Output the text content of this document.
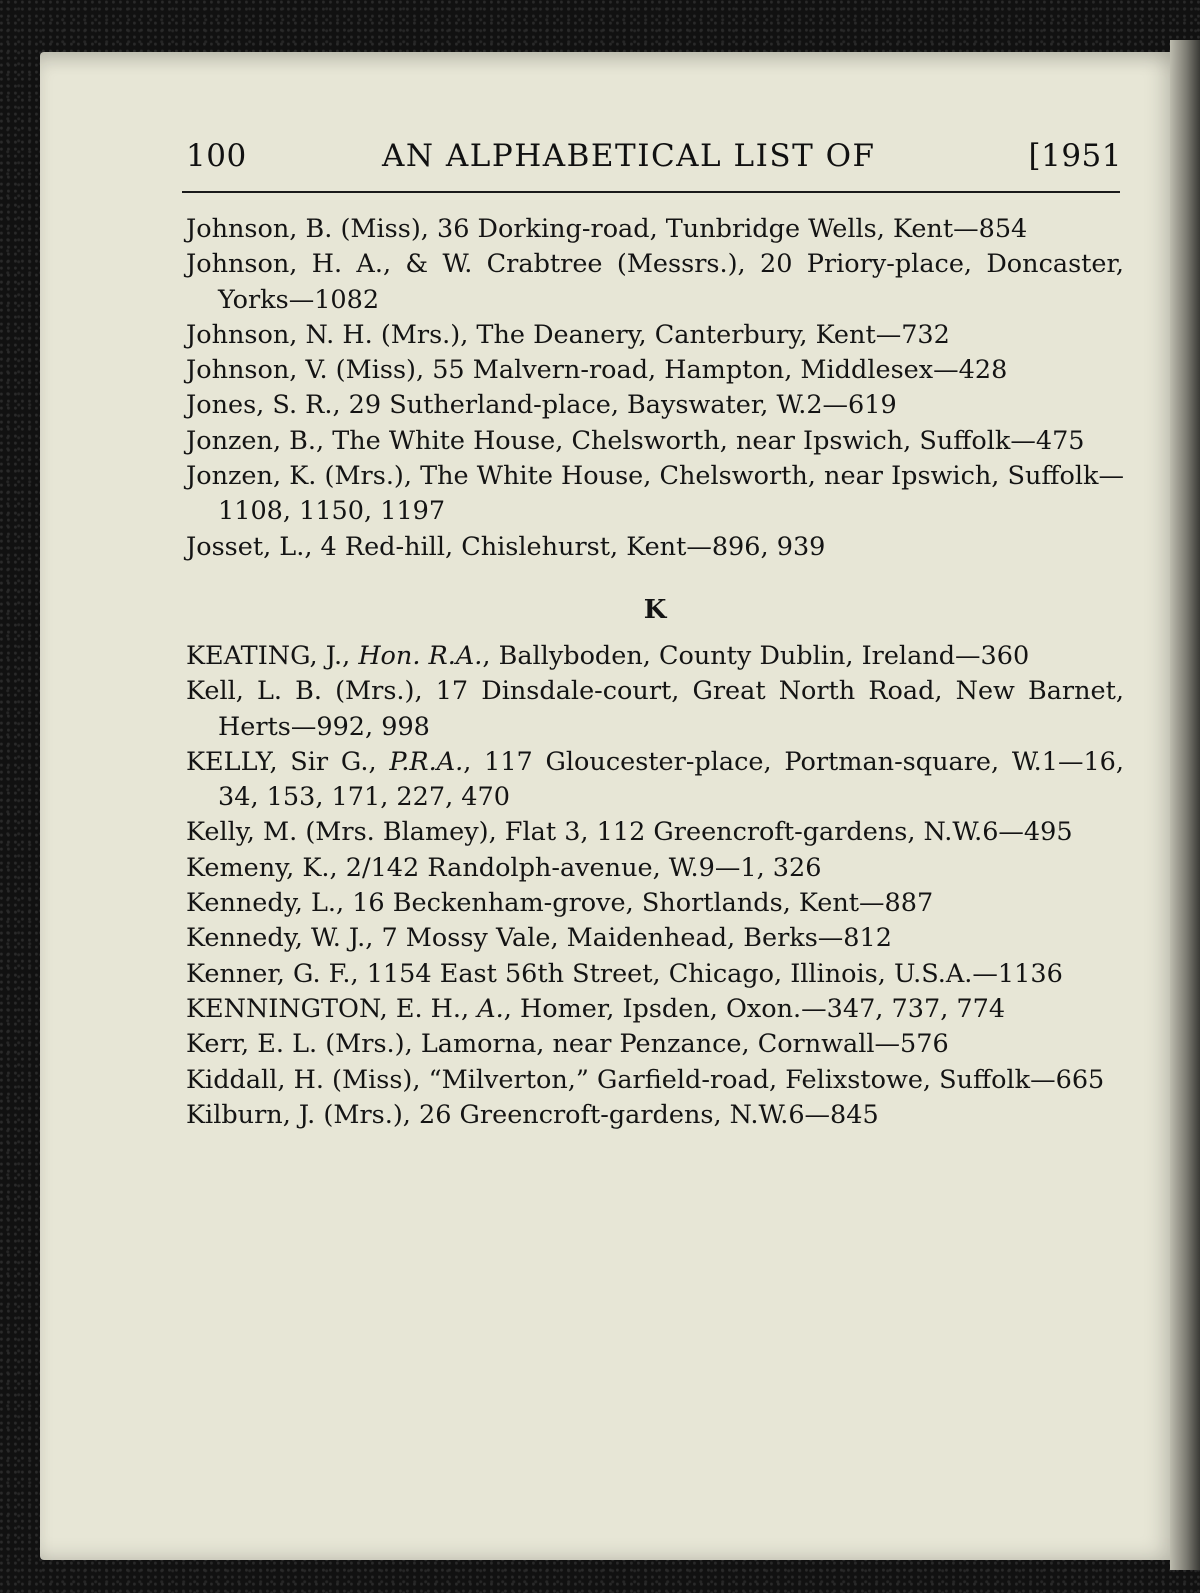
100	AN ALPHABETICAL LIST OF	[1951

Johnson, B. (Miss), 36 Dorking-road, Tunbridge Wells, Kent—854

Johnson, H. A., & W. Crabtree (Messrs.), 20 Priory-place, Doncaster, Yorks—1082

Johnson, N. H. (Mrs.), The Deanery, Canterbury, Kent—732

Johnson, V. (Miss), 55 Malvern-road, Hampton, Middlesex—428

Jones, S. R., 29 Sutherland-place, Bayswater, W.2—619

Jonzen, B., The White House, Chelsworth, near Ipswich, Suffolk—475

Jonzen, K. (Mrs.), The White House, Chelsworth, near Ipswich, Suffolk—1108, 1150, 1197

Josset, L., 4 Red-hill, Chislehurst, Kent—896, 939

K

KEATING, J., Hon. R.A., Ballyboden, County Dublin, Ireland—360

Kell, L. B. (Mrs.), 17 Dinsdale-court, Great North Road, New Barnet, Herts—992, 998

KELLY, Sir G., P.R.A., 117 Gloucester-place, Portman-square, W.1—16, 34, 153, 171, 227, 470

Kelly, M. (Mrs. Blamey), Flat 3, 112 Greencroft-gardens, N.W.6—495

Kemeny, K., 2/142 Randolph-avenue, W.9—1, 326

Kennedy, L., 16 Beckenham-grove, Shortlands, Kent—887

Kennedy, W. J., 7 Mossy Vale, Maidenhead, Berks—812

Kenner, G. F., 1154 East 56th Street, Chicago, Illinois, U.S.A.—1136

KENNINGTON, E. H., A., Homer, Ipsden, Oxon.—347, 737, 774

Kerr, E. L. (Mrs.), Lamorna, near Penzance, Cornwall—576

Kiddall, H. (Miss), “Milverton,” Garfield-road, Felixstowe, Suffolk—665

Kilburn, J. (Mrs.), 26 Greencroft-gardens, N.W.6—845
